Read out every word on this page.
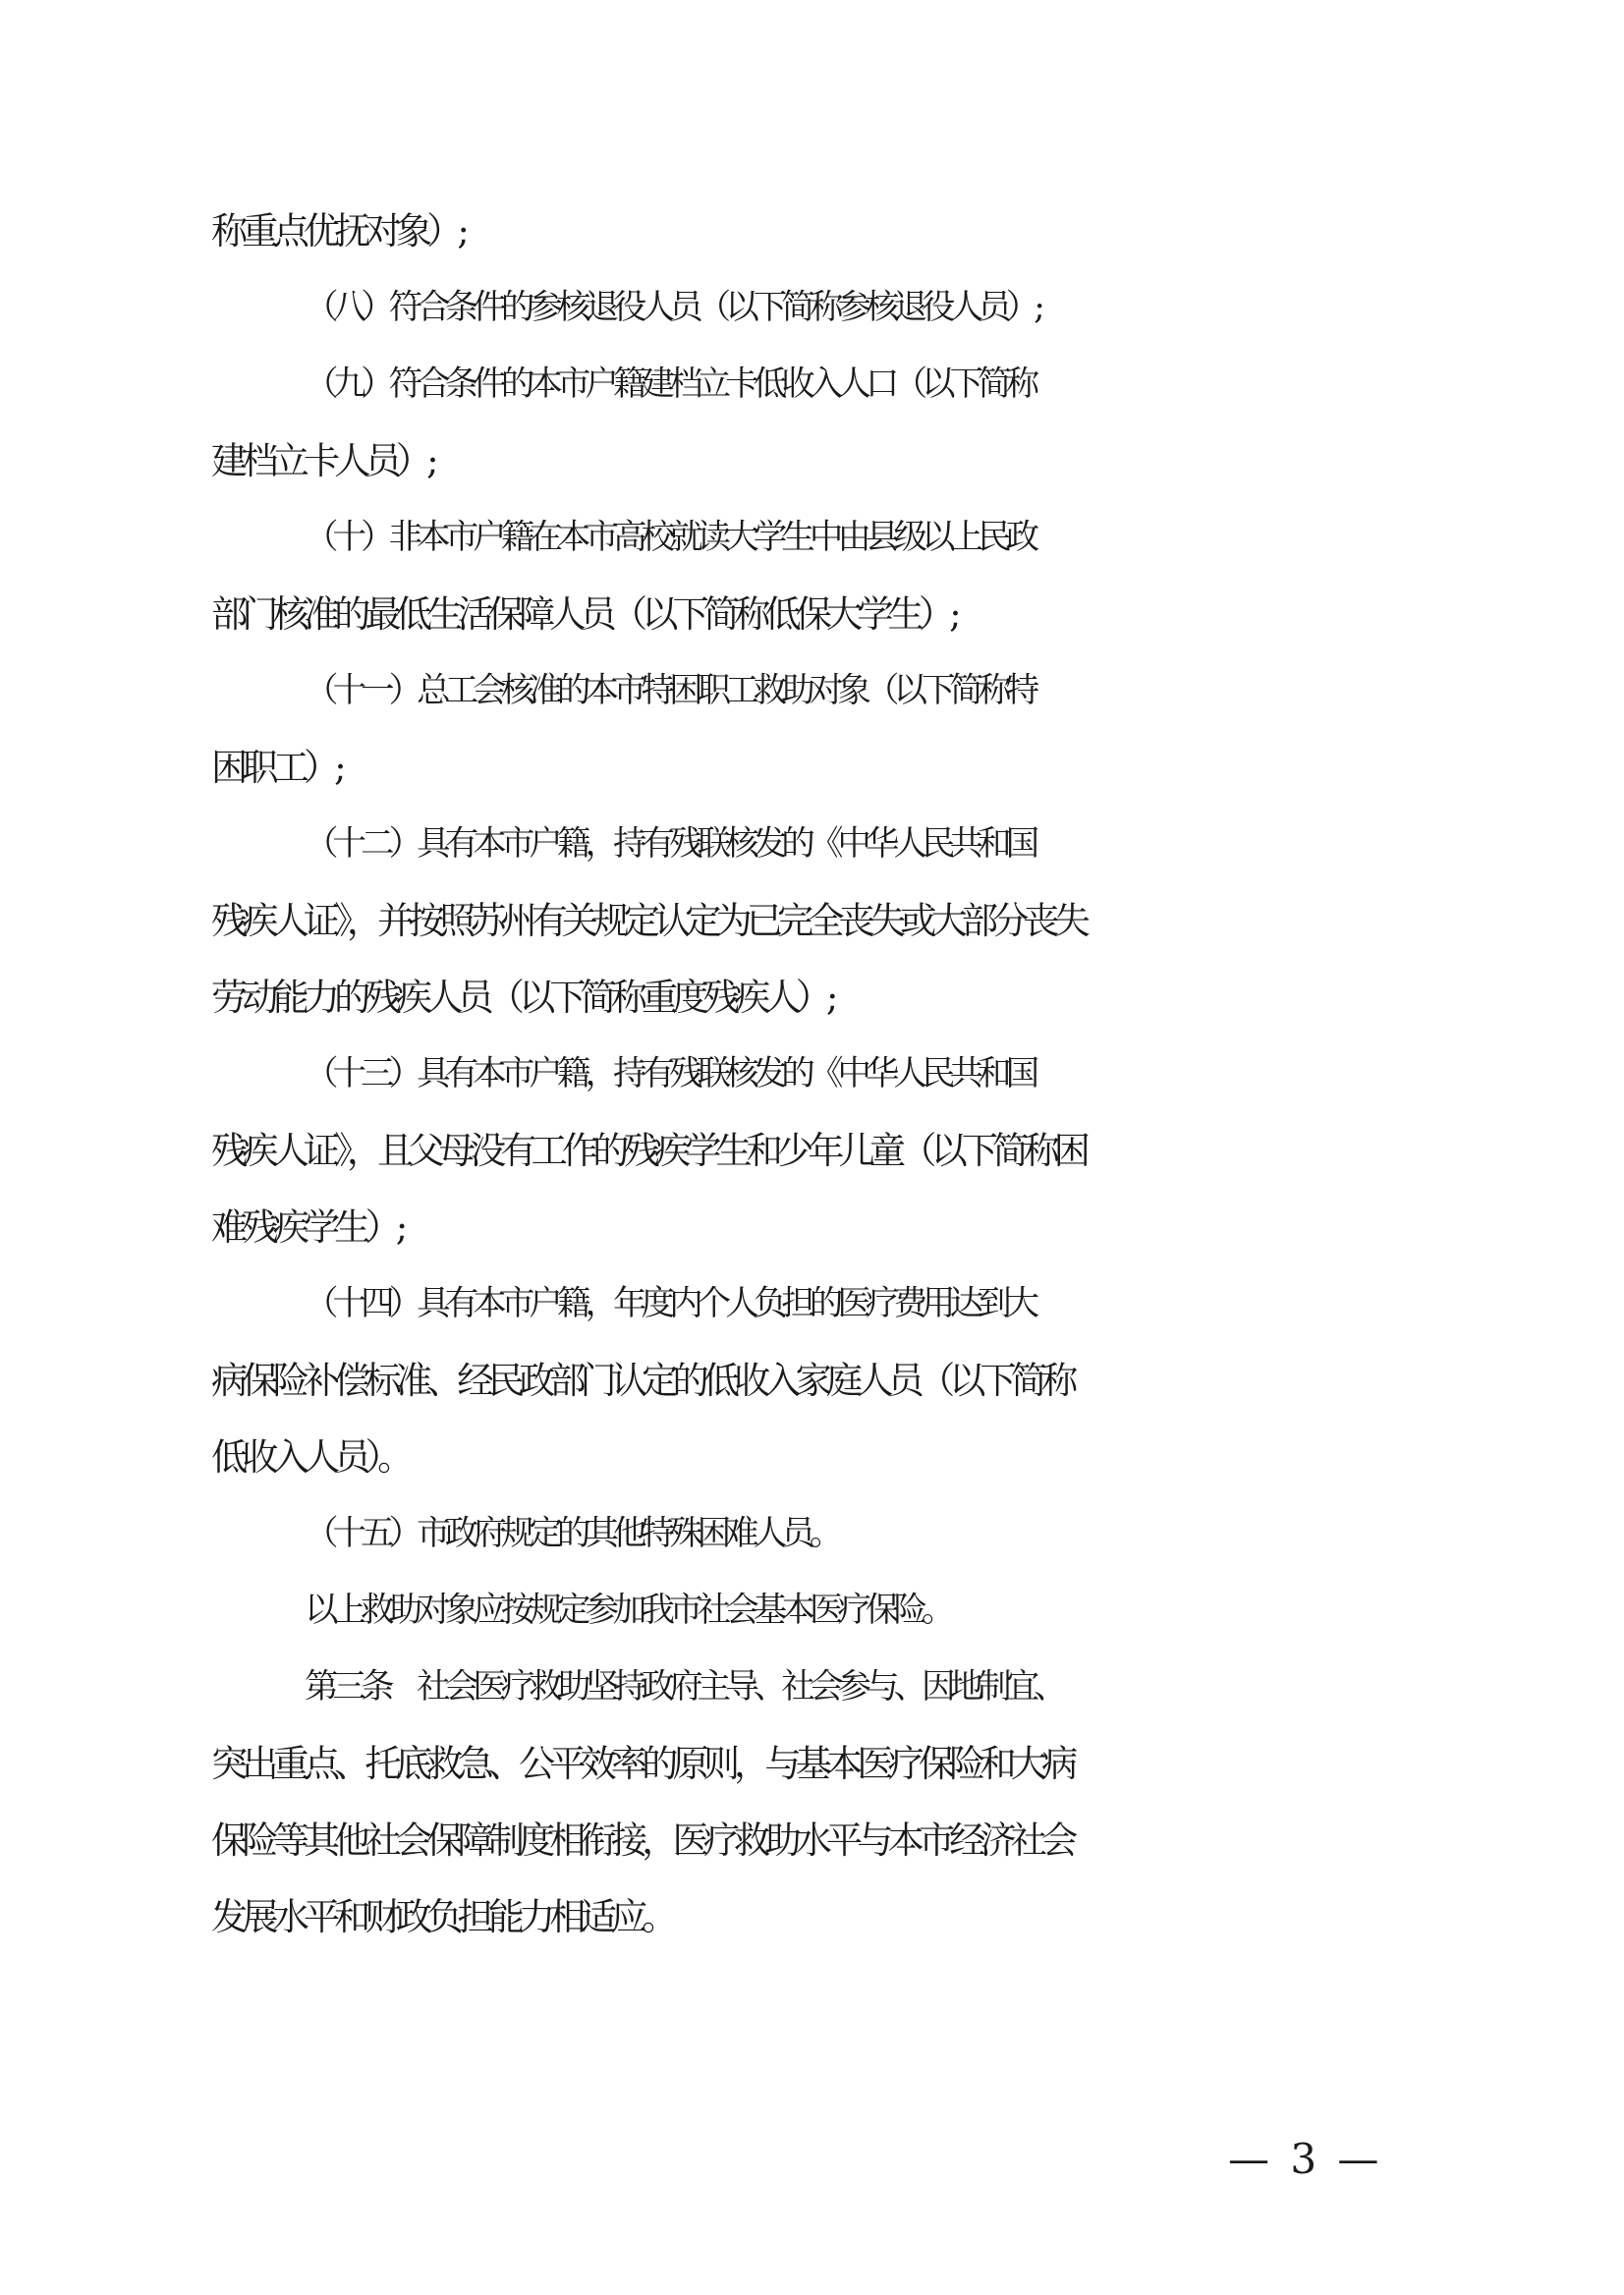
称重点优抚对象）;
（八）符合条件的参核退役人员（以下简称参核退役人员）;
（九）符合条件的本市户籍建档立卡低收入人口（以下简称
建档立卡人员）;
（十）非本市户籍在本市高校就读大学生中由县级以上民政
部门核准的最低生活保障人员（以下简称低保大学生）;
（十一）总工会核准的本市特困职工救助对象（以下简称特
困职工）;
（十二）具有本市户籍，持有残联核发的《中华人民共和国
残疾人证》，并按照苏州有关规定认定为已完全丧失或大部分丧失
劳动能力的残疾人员（以下简称重度残疾人）;
（十三）具有本市户籍，持有残联核发的《中华人民共和国
残疾人证》，且父母没有工作的残疾学生和少年儿童（以下简称困
难残疾学生）;
（十四）具有本市户籍，年度内个人负担的医疗费用达到大
病保险补偿标准、经民政部门认定的低收入家庭人员（以下简称
低收入人员）。
（十五）市政府规定的其他特殊困难人员。
以上救助对象应按规定参加我市社会基本医疗保险。
第三条　社会医疗救助坚持政府主导、社会参与、因地制宜、
突出重点、托底救急、公平效率的原则，与基本医疗保险和大病
保险等其他社会保障制度相衔接，医疗救助水平与本市经济社会
发展水平和财政负担能力相适应。
— 3 —
